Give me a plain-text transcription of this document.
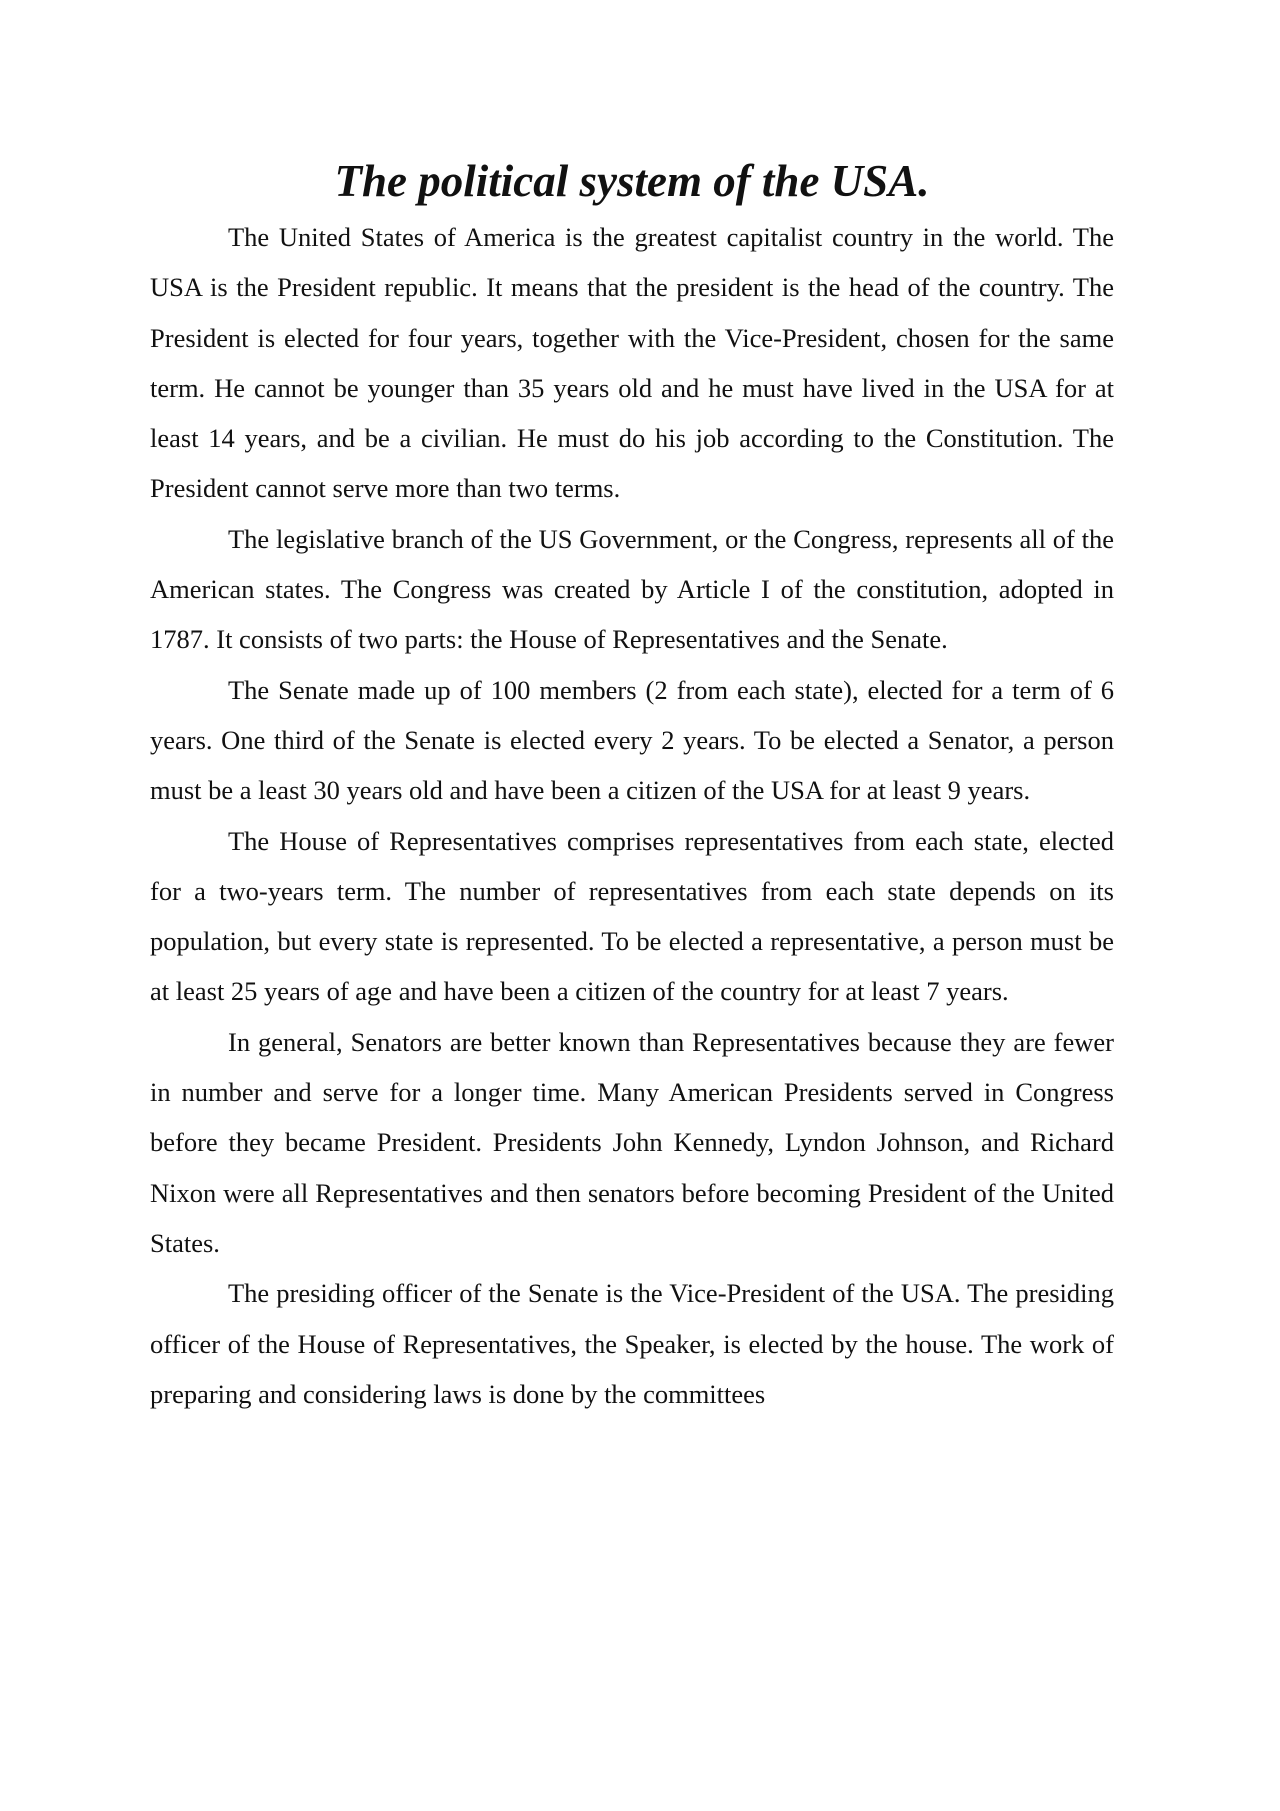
The political system of the USA.

The United States of America is the greatest capitalist country in the world. The USA is the President republic. It means that the president is the head of the country. The President is elected for four years, together with the Vice-President, chosen for the same term. He cannot be younger than 35 years old and he must have lived in the USA for at least 14 years, and be a civilian. He must do his job according to the Constitution. The President cannot serve more than two terms.

The legislative branch of the US Government, or the Congress, represents all of the American states. The Congress was created by Article I of the constitution, adopted in 1787. It consists of two parts: the House of Representatives and the Senate.

The Senate made up of 100 members (2 from each state), elected for a term of 6 years. One third of the Senate is elected every 2 years. To be elected a Senator, a person must be a least 30 years old and have been a citizen of the USA for at least 9 years.

The House of Representatives comprises representatives from each state, elected for a two-years term. The number of representatives from each state depends on its population, but every state is represented. To be elected a representative, a person must be at least 25 years of age and have been a citizen of the country for at least 7 years.

In general, Senators are better known than Representatives because they are fewer in number and serve for a longer time. Many American Presidents served in Congress before they became President. Presidents John Kennedy, Lyndon Johnson, and Richard Nixon were all Representatives and then senators before becoming President of the United States.

The presiding officer of the Senate is the Vice-President of the USA. The presiding officer of the House of Representatives, the Speaker, is elected by the house. The work of preparing and considering laws is done by the committees
